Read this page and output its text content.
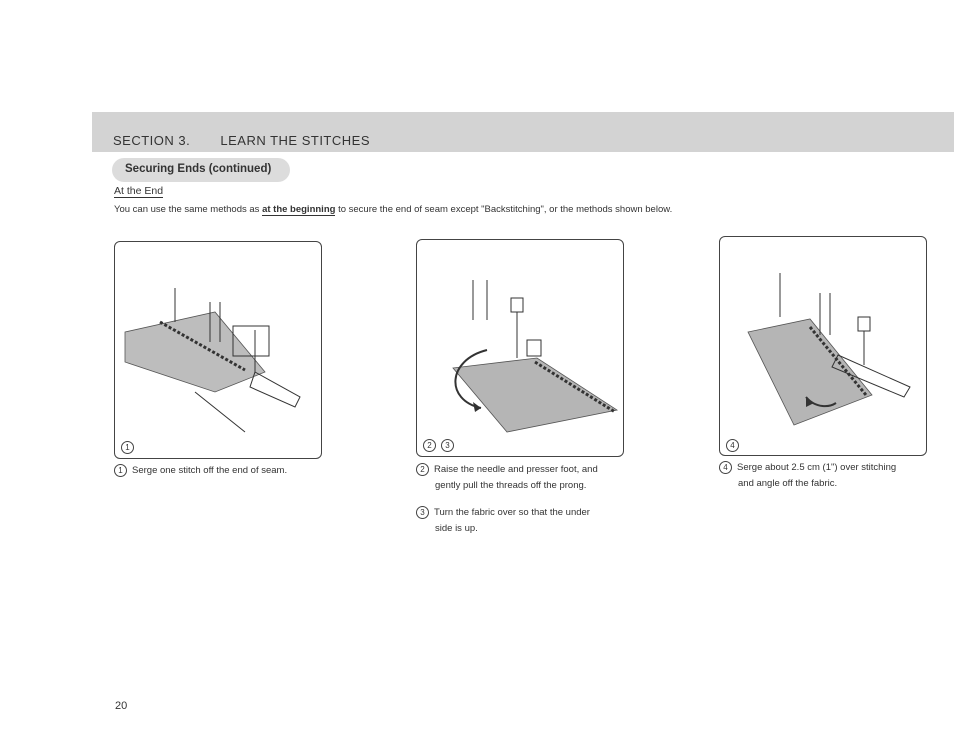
SECTION 3. LEARN THE STITCHES
Securing Ends (continued)
At the End
You can use the same methods as at the beginning to secure the end of seam except "Backstitching", or the methods shown below.
1	2 3	4
1 Serge one stitch off the end of seam.	2 Raise the needle and presser foot, and
gently pull the threads off the prong.
3 Turn the fabric over so that the under
side is up.
4 Serge about 2.5 cm (1") over stitching
and angle off the fabric.
20
